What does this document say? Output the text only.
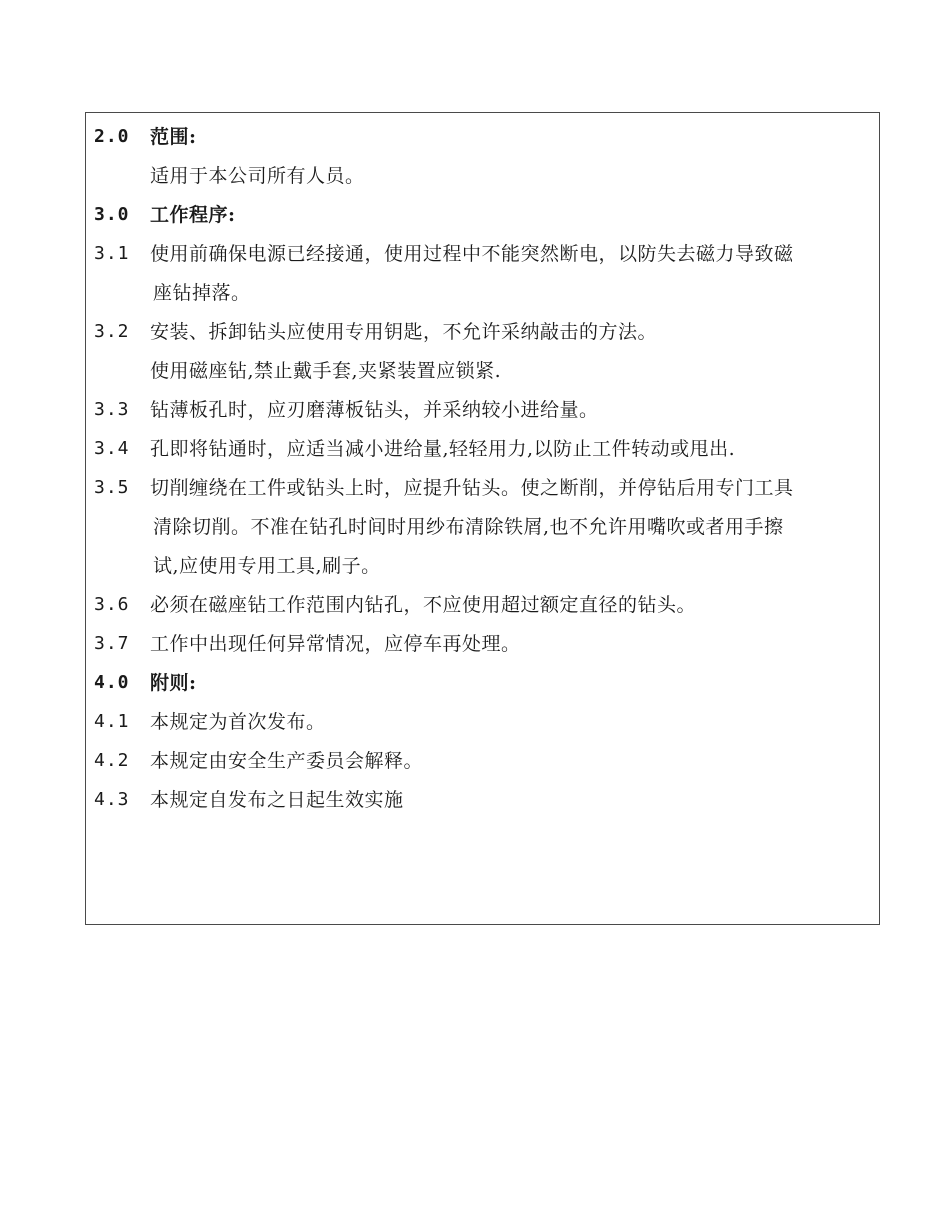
2.0	范围:
适用于本公司所有人员。
3.0	工作程序:
3.1	使用前确保电源已经接通，使用过程中不能突然断电，以防失去磁力导致磁
座钻掉落。
3.2	安装、拆卸钻头应使用专用钥匙，不允许采纳敲击的方法。
使用磁座钻,禁止戴手套,夹紧装置应锁紧.
3.3	钻薄板孔时，应刃磨薄板钻头，并采纳较小进给量。
3.4	孔即将钻通时，应适当减小进给量,轻轻用力,以防止工件转动或甩出.
3.5	切削缠绕在工件或钻头上时，应提升钻头。使之断削，并停钻后用专门工具
清除切削。不准在钻孔时间时用纱布清除铁屑,也不允许用嘴吹或者用手擦
试,应使用专用工具,刷子。
3.6	必须在磁座钻工作范围内钻孔，不应使用超过额定直径的钻头。
3.7	工作中出现任何异常情况，应停车再处理。
4.0	附则:
4.1	本规定为首次发布。
4.2	本规定由安全生产委员会解释。
4.3	本规定自发布之日起生效实施
